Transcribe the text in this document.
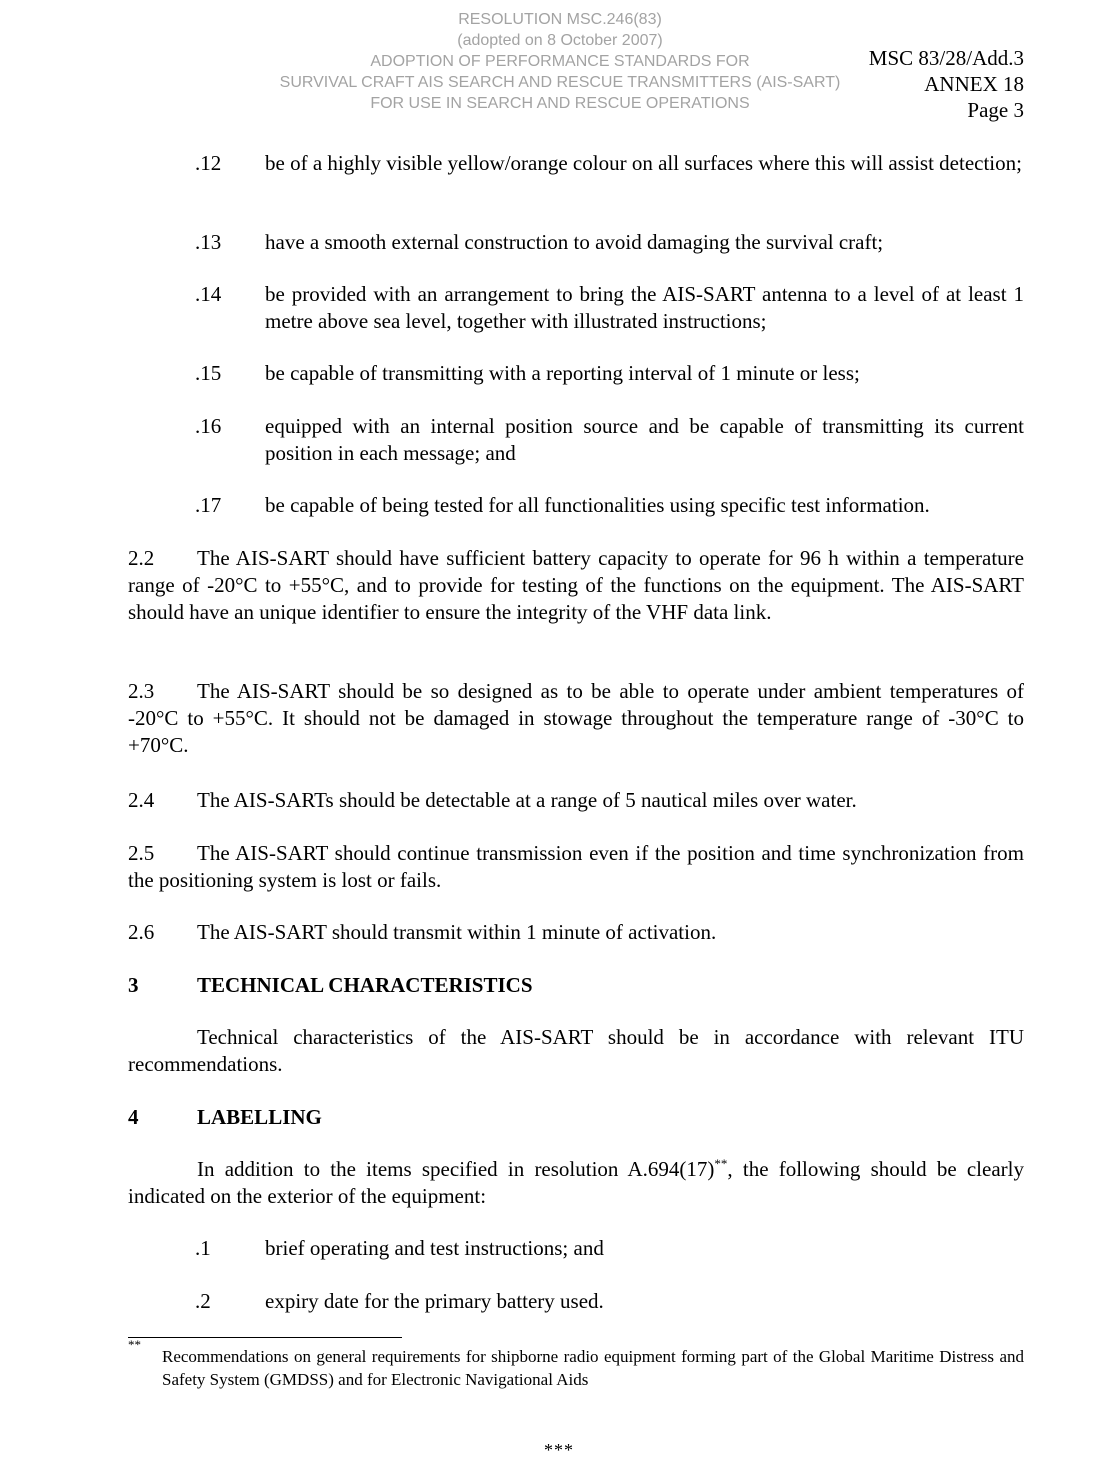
RESOLUTION MSC.246(83)
(adopted on 8 October 2007)
ADOPTION OF PERFORMANCE STANDARDS FOR
SURVIVAL CRAFT AIS SEARCH AND RESCUE TRANSMITTERS (AIS-SART)
FOR USE IN SEARCH AND RESCUE OPERATIONS
MSC 83/28/Add.3
ANNEX 18
Page 3
.12 be of a highly visible yellow/orange colour on all surfaces where this will assist detection;
.13 have a smooth external construction to avoid damaging the survival craft;
.14 be provided with an arrangement to bring the AIS-SART antenna to a level of at least 1 metre above sea level, together with illustrated instructions;
.15 be capable of transmitting with a reporting interval of 1 minute or less;
.16 equipped with an internal position source and be capable of transmitting its current position in each message; and
.17 be capable of being tested for all functionalities using specific test information.
2.2 The AIS-SART should have sufficient battery capacity to operate for 96 h within a temperature range of -20°C to +55°C, and to provide for testing of the functions on the equipment. The AIS-SART should have an unique identifier to ensure the integrity of the VHF data link.
2.3 The AIS-SART should be so designed as to be able to operate under ambient temperatures of -20°C to +55°C. It should not be damaged in stowage throughout the temperature range of -30°C to +70°C.
2.4 The AIS-SARTs should be detectable at a range of 5 nautical miles over water.
2.5 The AIS-SART should continue transmission even if the position and time synchronization from the positioning system is lost or fails.
2.6 The AIS-SART should transmit within 1 minute of activation.
3	TECHNICAL CHARACTERISTICS
Technical characteristics of the AIS-SART should be in accordance with relevant ITU recommendations.
4	LABELLING
In addition to the items specified in resolution A.694(17)**, the following should be clearly indicated on the exterior of the equipment:
.1	brief operating and test instructions; and
.2	expiry date for the primary battery used.
**
Recommendations on general requirements for shipborne radio equipment forming part of the Global Maritime Distress and Safety System (GMDSS) and for Electronic Navigational Aids
***
